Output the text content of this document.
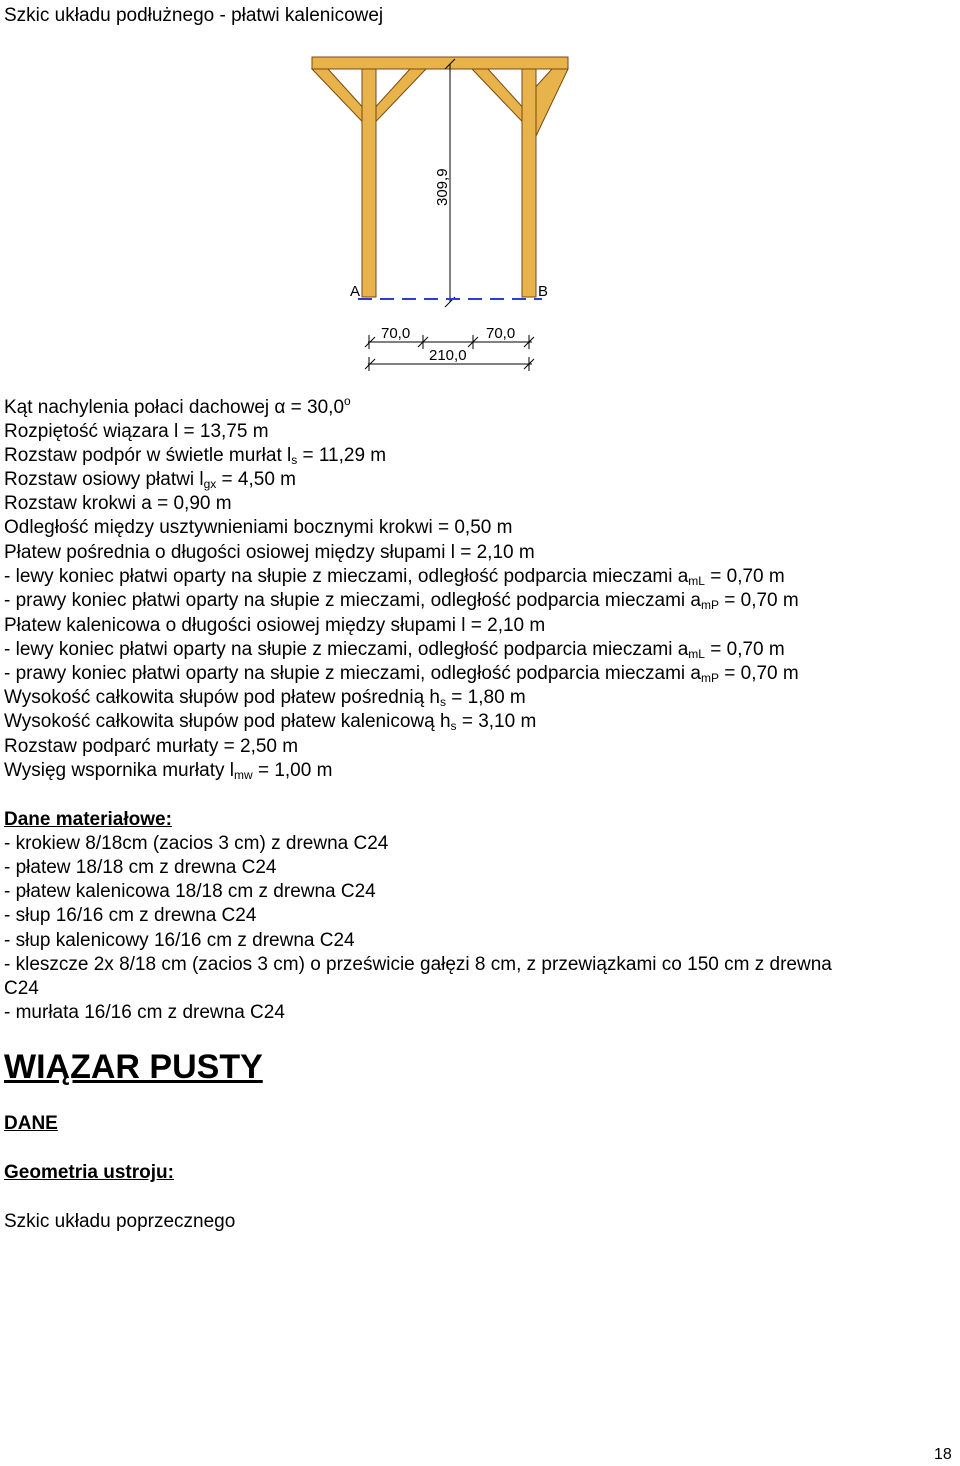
Szkic układu podłużnego - płatwi kalenicowej
309,9
A	B
70,0	70,0
210,0
Kąt nachylenia połaci dachowej $\alpha = 30,0^o$
Rozpiętość wiązara l = 13,75 m
Rozstaw podpór w świetle murłat $l_s = 11,29$ m
Rozstaw osiowy płatwi $l_{gx} = 4,50$ m
Rozstaw krokwi a = 0,90 m
Odległość między usztywnieniami bocznymi krokwi = 0,50 m
Płatew pośrednia o długości osiowej między słupami l = 2,10 m
- lewy koniec płatwi oparty na słupie z mieczami, odległość podparcia mieczami $a_{mL} = 0,70$ m
- prawy koniec płatwi oparty na słupie z mieczami, odległość podparcia mieczami $a_{mP} = 0,70$ m
Płatew kalenicowa o długości osiowej między słupami l = 2,10 m
- lewy koniec płatwi oparty na słupie z mieczami, odległość podparcia mieczami $a_{mL} = 0,70$ m
- prawy koniec płatwi oparty na słupie z mieczami, odległość podparcia mieczami $a_{mP} = 0,70$ m
Wysokość całkowita słupów pod płatew pośrednią $h_s = 1,80$ m
Wysokość całkowita słupów pod płatew kalenicową $h_s = 3,10$ m
Rozstaw podparć murłaty = 2,50 m
Wysięg wspornika murłaty $l_{mw} = 1,00$ m
Dane materiałowe:
- krokiew 8/18cm (zacios 3 cm) z drewna C24
- płatew 18/18 cm z drewna C24
- płatew kalenicowa 18/18 cm z drewna C24
- słup 16/16 cm z drewna C24
- słup kalenicowy 16/16 cm z drewna C24
- kleszcze 2x 8/18 cm (zacios 3 cm) o prześwicie gałęzi 8 cm, z przewiązkami co 150 cm z drewna
C24
- murłata 16/16 cm z drewna C24
WIĄZAR PUSTY
DANE
Geometria ustroju:
Szkic układu poprzecznego
18
